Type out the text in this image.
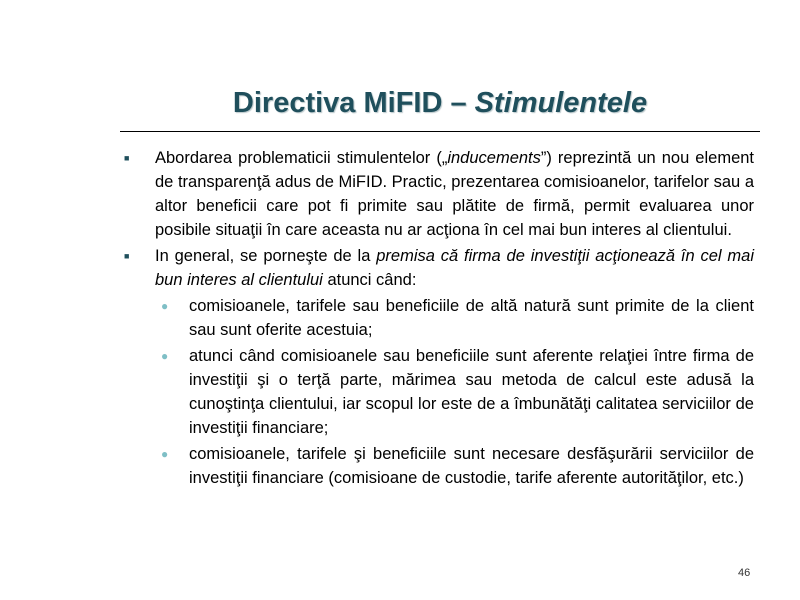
Directiva MiFID – Stimulentele
■	Abordarea problematicii stimulentelor („inducements”) reprezintă un nou element de transparenţă adus de MiFID. Practic, prezentarea comisioanelor, tarifelor sau a altor beneficii care pot fi primite sau plătite de firmă, permit evaluarea unor posibile situaţii în care aceasta nu ar acţiona în cel mai bun interes al clientului.
■	In general, se porneşte de la premisa că firma de investiţii acţionează în cel mai bun interes al clientului atunci când:
●	comisioanele, tarifele sau beneficiile de altă natură sunt primite de la client sau sunt oferite acestuia;
●	atunci când comisioanele sau beneficiile sunt aferente relaţiei între firma de investiţii şi o terţă parte, mărimea sau metoda de calcul este adusă la cunoştinţa clientului, iar scopul lor este de a îmbunătăţi calitatea serviciilor de investiţii financiare;
●	comisioanele, tarifele şi beneficiile sunt necesare desfăşurării serviciilor de investiţii financiare (comisioane de custodie, tarife aferente autorităţilor, etc.)
46
